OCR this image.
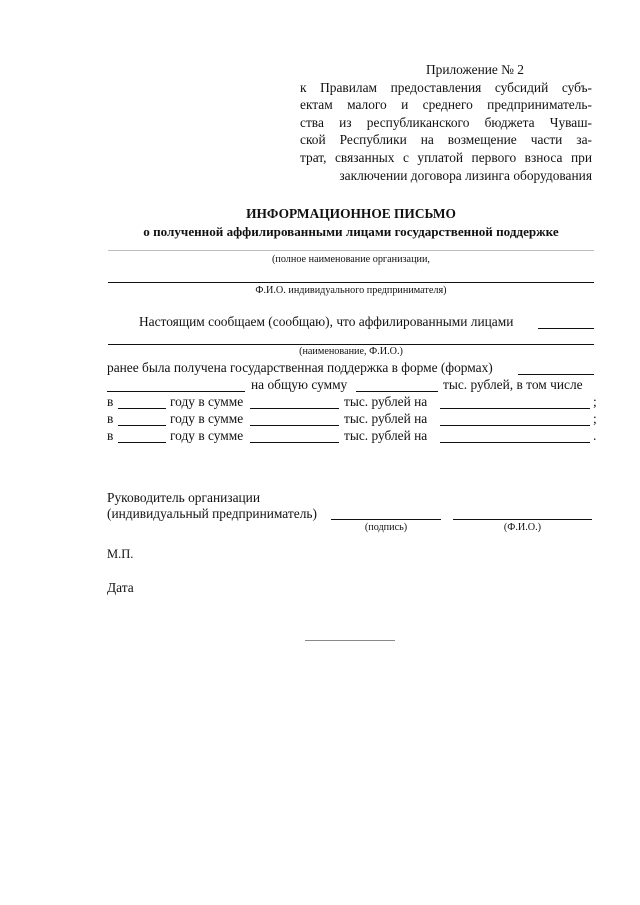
Приложение № 2
к Правилам предоставления субсидий субъ-
ектам малого и среднего предприниматель-
ства из республиканского бюджета Чуваш-
ской Республики на возмещение части за-
трат, связанных с уплатой первого взноса при
заключении договора лизинга оборудования
ИНФОРМАЦИОННОЕ ПИСЬМО
о полученной аффилированными лицами государственной поддержке
(полное наименование организации,
Ф.И.О. индивидуального предпринимателя)
Настоящим сообщаем (сообщаю), что аффилированными лицами
(наименование, Ф.И.О.)
ранее была получена государственная поддержка в форме (формах)
на общую сумму	тыс. рублей, в том числе
в	году в сумме	тыс. рублей на	;
в	году в сумме	тыс. рублей на	;
в	году в сумме	тыс. рублей на	.
Руководитель организации
(индивидуальный предприниматель)
(подпись)	(Ф.И.О.)
М.П.
Дата
